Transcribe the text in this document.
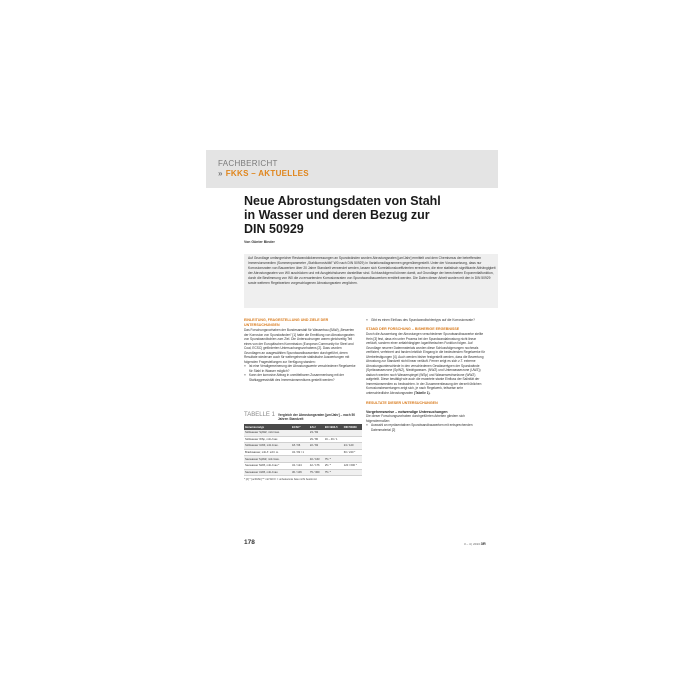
FACHBERICHT
» FKKS – AKTUELLES
Neue Abrostungsdaten von Stahl
in Wasser und deren Bezug zur
DIN 50929
Von Günter Binder
Auf Grundlage umfangreicher Restwanddickenmessungen an Spundwänden wurden Abrostungsraten [µm/Jahr] ermittelt und dem Chemismus der betreffenden Immersionsmedien (Summenparameter „Stahlkorrosivität" W0 nach DIN 50929) in Variationsdiagrammen gegenübergestellt. Unter der Voraussetzung, dass nur Korrosionsraten von Bauwerken über 20 Jahre Standzeit verwendet werden, lassen sich Korrelationskoeffizienten errechnen, die eine statistisch signifikante Abhängigkeit der Abrostungsraten von W0 ausdrücken und mit Ausgleichskurven darstellbar sind. Schlussfolgernd können damit, auf Grundlage der berechneten Exponentialfunktion, durch die Bestimmung von W0 die zu erwartenden Korrosionsraten von Spundwandbauwerken ermittelt werden. Die Daten dieser Arbeit wurden mit den in DIN 50929 sowie weiteren Regelwerken vorgeschlagenen Abrostungsraten verglichen.
EINLEITUNG, FRAGESTELLUNG UND ZIELE DER UNTERSUCHUNGEN

Das Forschungsvorhaben der Bundesanstalt für Wasserbau (BAW) „Bewerten der Korrosion von Spundwänden" [1] hatte die Ermittlung von Abrostungsraten von Spundwandbohlen zum Ziel. Die Untersuchungen waren gleichzeitig Teil eines von der Europäischen Kommission (European Community for Steel and Coal, ECSC) geförderten Untersuchungsvorhabens [2]. Dazu wurden Grundlagen an ausgewählten Spundwandbauwerken durchgeführt, deren Resultate wiederum auch für weitergehende statistische Auswertungen mit folgenden Fragestellungen zur Verfügung standen:

» Ist eine Verallgemeinerung der Abrostungswerte verschiedener Regelwerke für Stahl in Wasser möglich?
» Kann der korrosive Abtrag in unmittelbaren Zusammenhang mit der Stahlaggressivität des Immersionsmediums gestellt werden?
TABELLE 1 Vergleich der Abrostungsraten [µm/Jahr] – nach 50 Jahren Standzeit
Immersionstyp	ECSC*	EAU	EN 1993-5	DIN 50929
Süßwasser SpWZ, mitt./max.		23 / 82		
Süßwasser WSp, mitt./max.		29 / 80	16 – 46 / 1	
Süßwasser UWZ, mitt./max.	18 / 66	22 / 82		24 / 120
Brackwasser, mitt./f. schl. w.	34 / 82 / 1			60 / 240 *
Seewasser SpWZ, mitt./max.		40 / 163	75 / *	
Seewasser NWZ, mitt./max.*	34 / 124	42 / 176	25 / *	120 / 600 *
Seewasser UWZ, mitt./max.	30 / 106	75 / 300	75 / *	
* [2] * [ucR/Ab] ** mit W0 F = unbekannte baw nicht bestimmt
» Gibt es einen Einfluss des Spundwandbohlentyps auf die Korrosionsrate?
STAND DER FORSCHUNG – BISHERIGE ERGEBNISSE

Durch die Auswertung der Abrostungen verschiedener Spundwandbauwerke stellte Hein [3] fest, dass ein unter Prozess bei der Spundwandabrostung nicht linear verläuft, sondern einer zeitabhängigen logarithmischen Funktion folgen. Auf Grundlage neuerer Datenmaterials wurden diese Schlussfolgerungen nochmals verifiziert, verfeinert und fanden letztlich Eingang in die bedeutenden Regelwerke für Uferbefestigungen [4]. Auch werden bisher festgestellt werden, dass die Bewertung Abrostung zur Standzeit nicht linear verläuft. Ferner zeigt es sich z.T. extreme Abrostungsunterschiede in den verschiedenen Gewässertypen der Spundwände (Spritzwasserzone (SpWZ), Niedrigwasser- (NWZ) und Unterwasserzone (UWZ)) dadurch werden noch Wasserspiegel (WSp) und Wasserwechselzone (WWZ) aufgeteilt. Diese bestätigt wie auch die erwartete starke Einfluss der Salinität der Immersionsmedien zu beobachten. In der Zusammenfassung der derzeit üblichen Korrosionsbewertungen zeigt sich, je nach Regelwerk, teilweise sehr unterschiedliche Abrostungsraten (Tabelle 1).

RESULTATE DIESER UNTERSUCHUNGEN
Vorgehensweise – notwendige Untersuchungen

Die dieser Forschungsvorhaben durchgeführten Arbeiten gliedern sich folgendermaßen:

» Auswahl an repräsentativen Spundwandbauwerken mit entsprechenden Datenmaterial [2]
178	3 – 4 | 2013 3R
